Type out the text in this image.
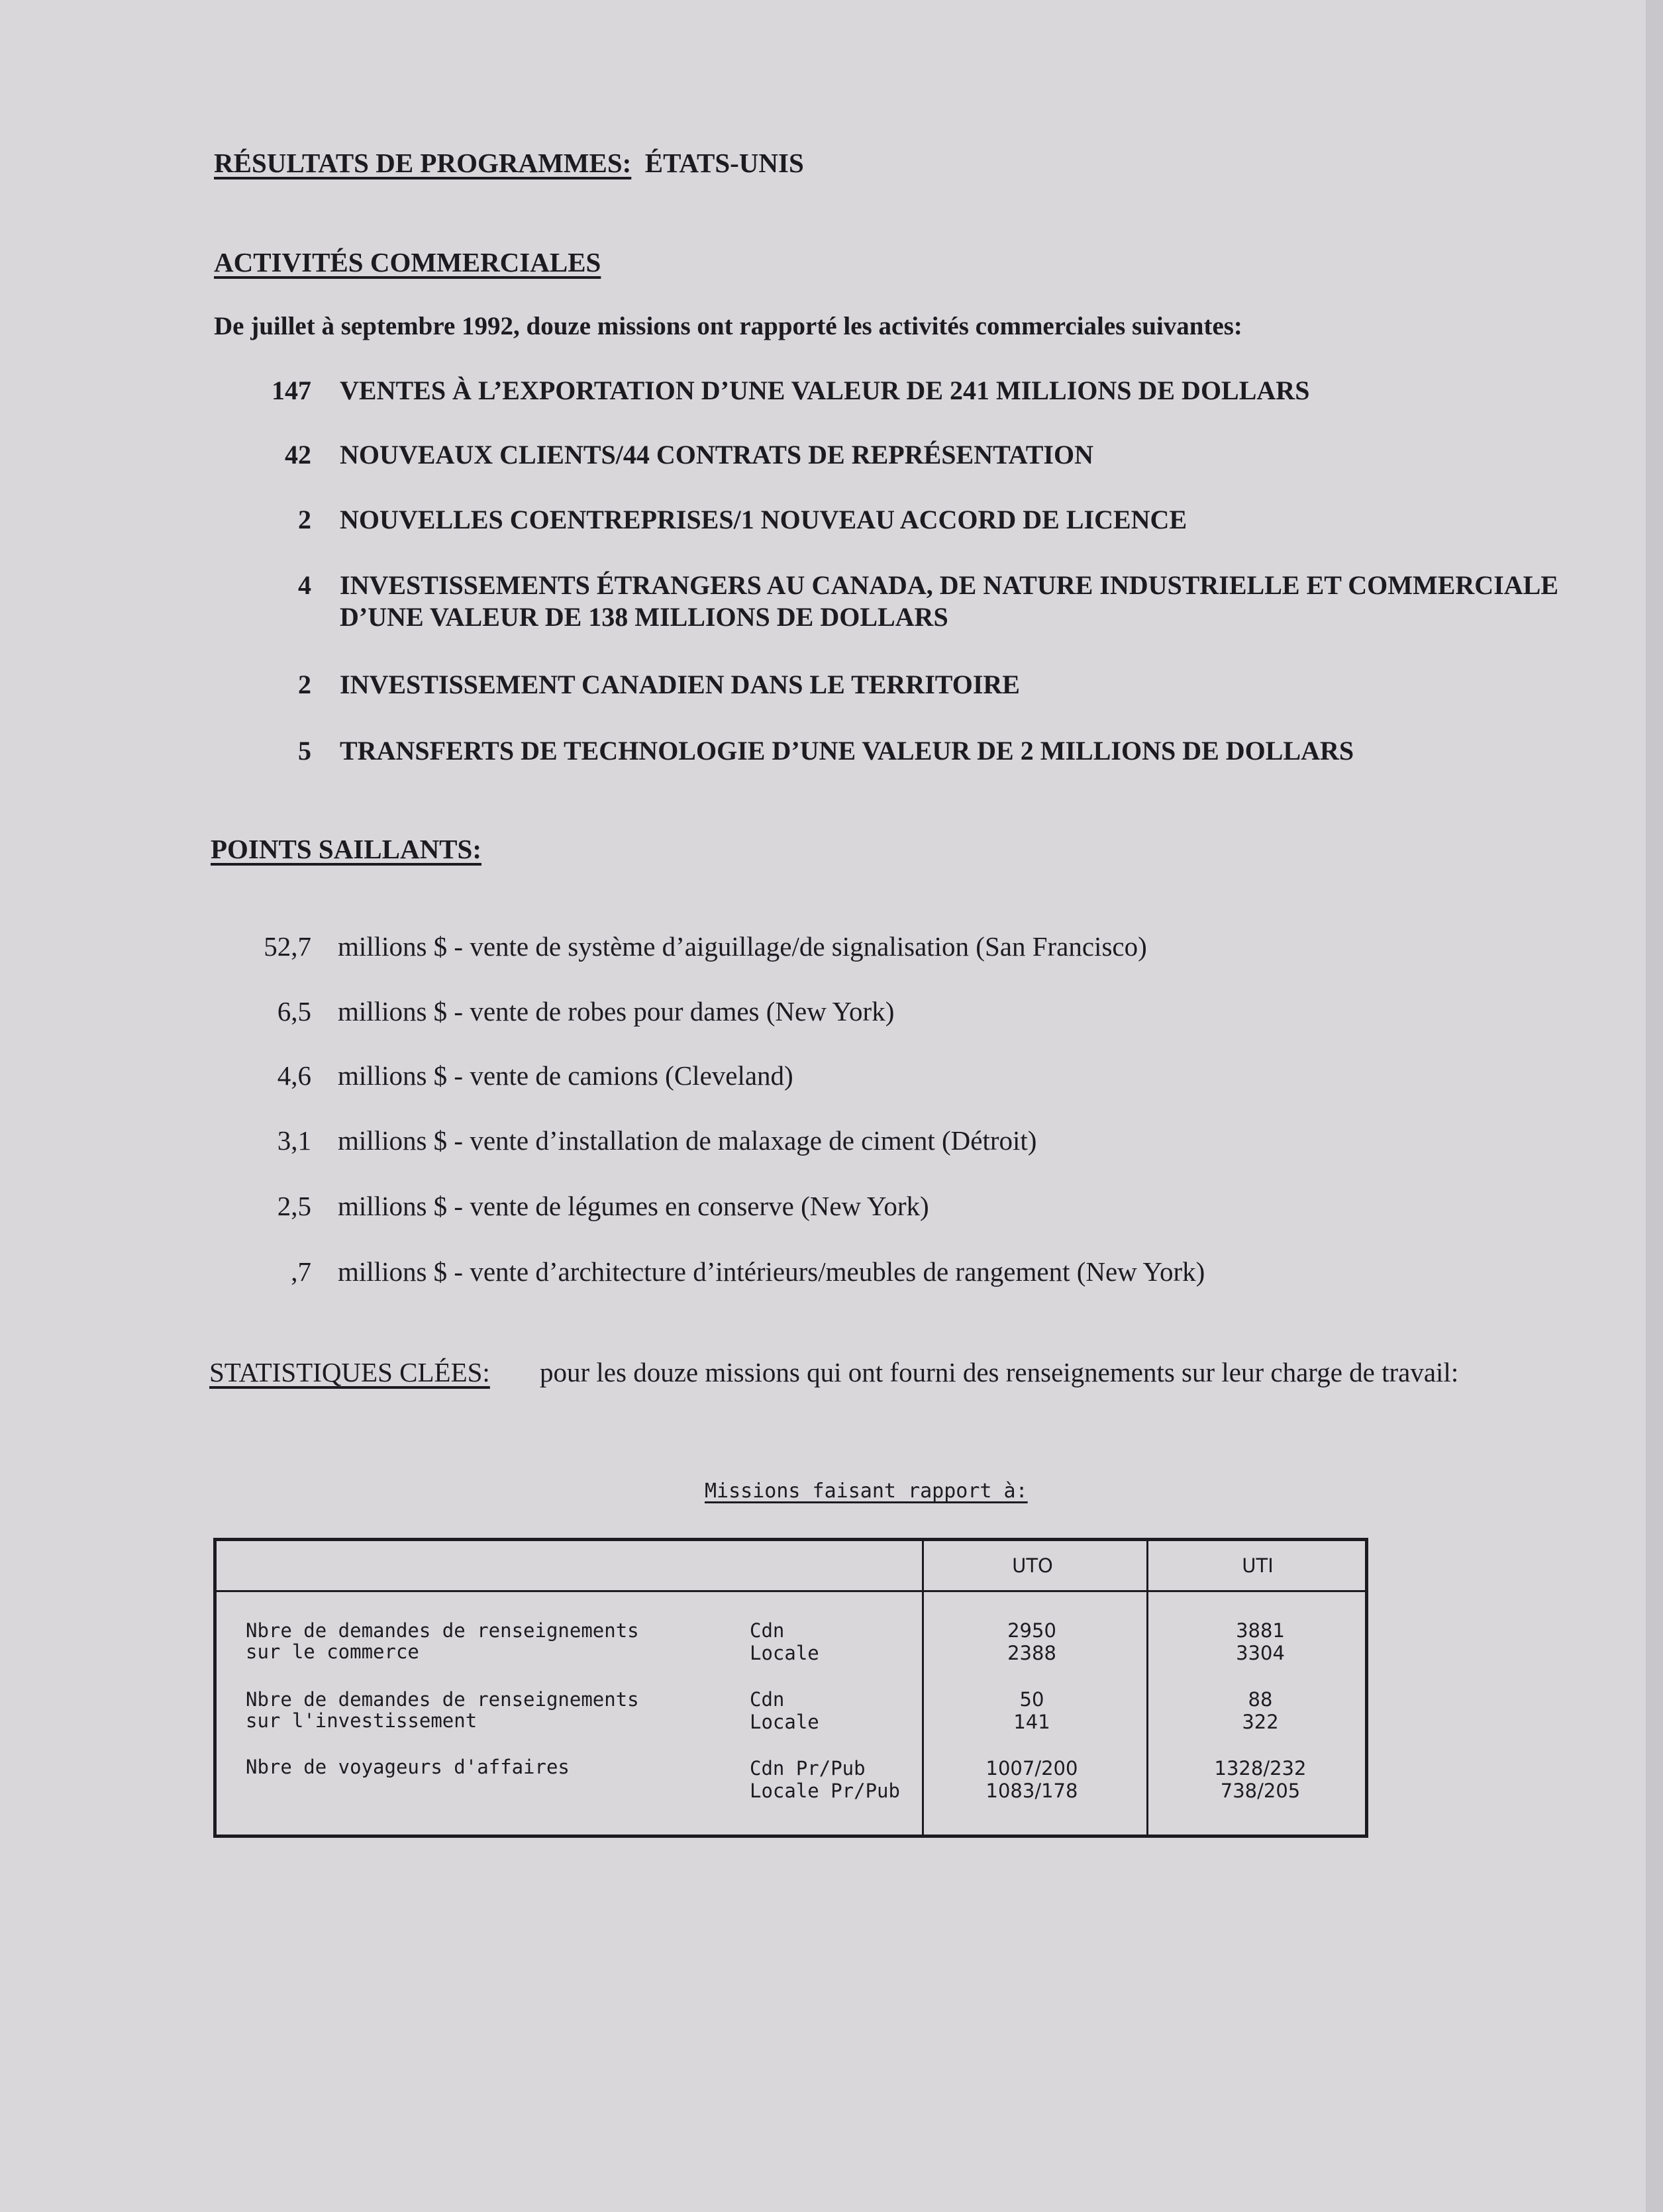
RÉSULTATS DE PROGRAMMES: ÉTATS-UNIS
ACTIVITÉS COMMERCIALES
De juillet à septembre 1992, douze missions ont rapporté les activités commerciales suivantes:
147 VENTES À L’EXPORTATION D’UNE VALEUR DE 241 MILLIONS DE DOLLARS
42 NOUVEAUX CLIENTS/44 CONTRATS DE REPRÉSENTATION
2 NOUVELLES COENTREPRISES/1 NOUVEAU ACCORD DE LICENCE
4 INVESTISSEMENTS ÉTRANGERS AU CANADA, DE NATURE INDUSTRIELLE ET COMMERCIALE D’UNE VALEUR DE 138 MILLIONS DE DOLLARS
2 INVESTISSEMENT CANADIEN DANS LE TERRITOIRE
5 TRANSFERTS DE TECHNOLOGIE D’UNE VALEUR DE 2 MILLIONS DE DOLLARS
POINTS SAILLANTS:
52,7 millions $ - vente de système d’aiguillage/de signalisation (San Francisco)
6,5 millions $ - vente de robes pour dames (New York)
4,6 millions $ - vente de camions (Cleveland)
3,1 millions $ - vente d’installation de malaxage de ciment (Détroit)
2,5 millions $ - vente de légumes en conserve (New York)
,7 millions $ - vente d’architecture d’intérieurs/meubles de rangement (New York)
STATISTIQUES CLÉES: pour les douze missions qui ont fourni des renseignements sur leur charge de travail:
Missions faisant rapport à:
UTO	UTI
Nbre de demandes de renseignements
sur le commerce
Cdn
Locale
2950
2388
3881
3304
Nbre de demandes de renseignements
sur l'investissement
Cdn
Locale
50
141
88
322
Nbre de voyageurs d'affaires	Cdn Pr/Pub
Locale Pr/Pub
1007/200
1083/178
1328/232
738/205
